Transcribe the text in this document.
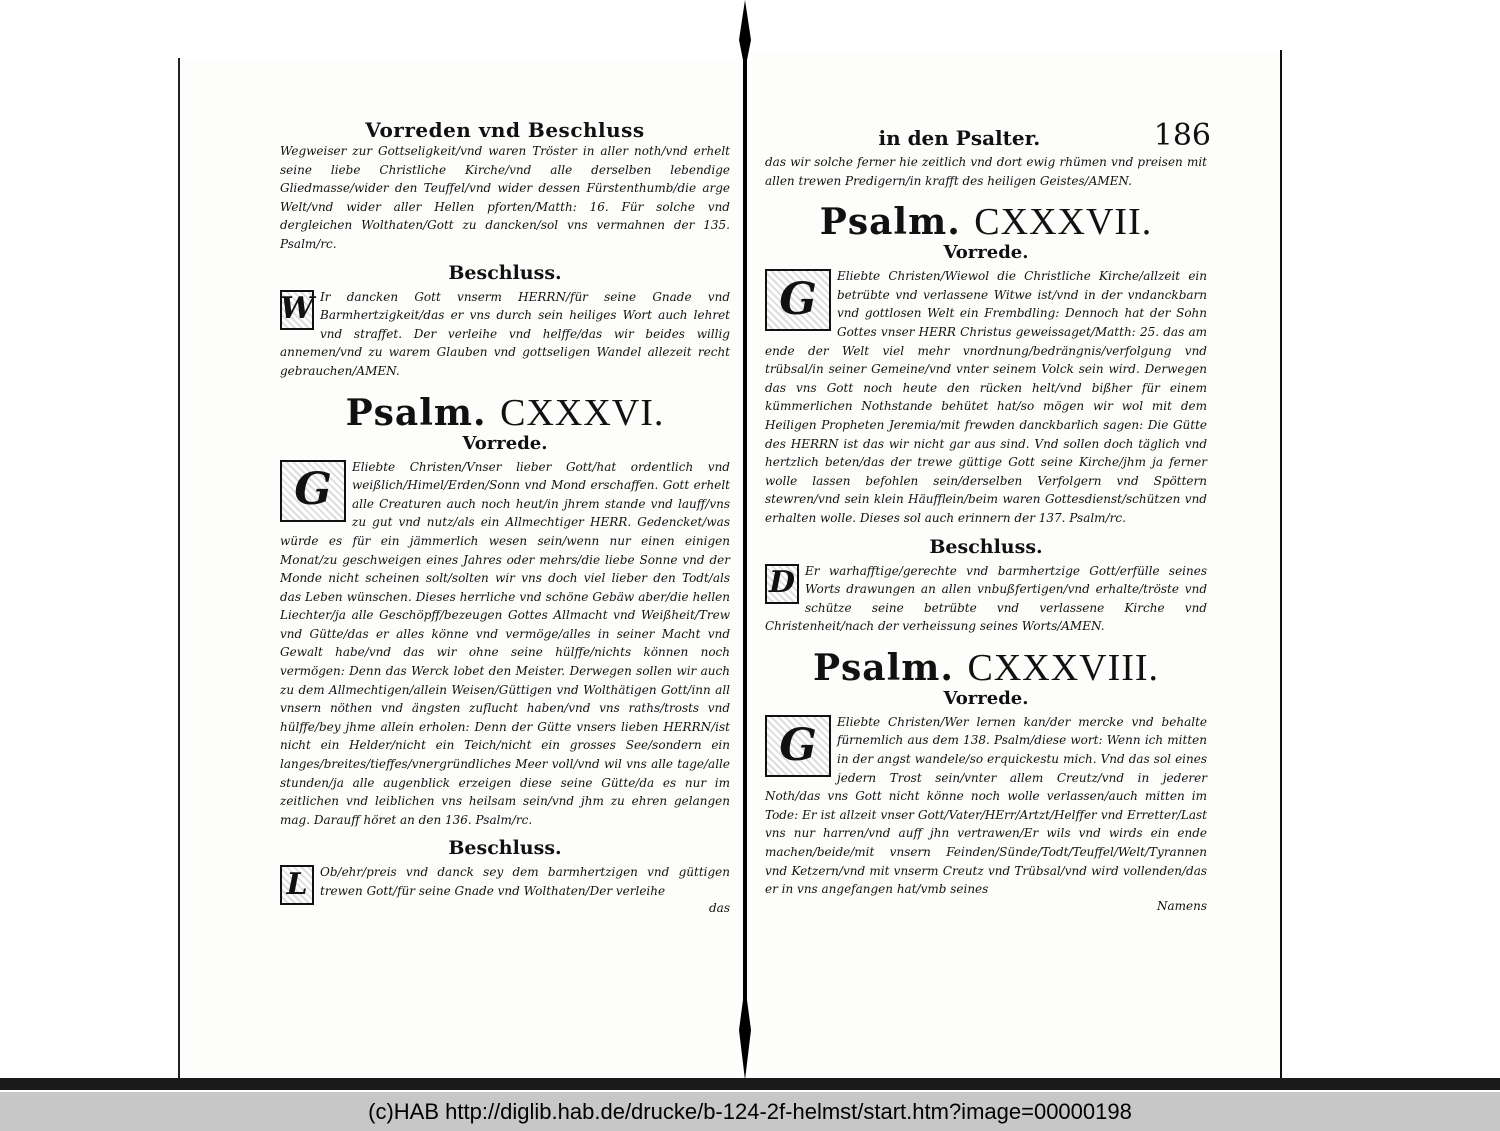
Vorreden vnd Beschluss
Wegweiser zur Gottseligkeit/vnd waren Tröster in aller noth/vnd erhelt seine liebe Christliche Kirche/vnd alle derselben lebendige Gliedmasse/wider den Teuffel/vnd wider dessen Fürstenthumb/die arge Welt/vnd wider aller Hellen pforten/Matth: 16. Für solche vnd dergleichen Wolthaten/Gott zu dancken/sol vns vermahnen der 135. Psalm/rc.
Beschluss.
W Ir dancken Gott vnserm HERRN/für seine Gnade vnd Barmhertzigkeit/das er vns durch sein heiliges Wort auch lehret vnd straffet. Der verleihe vnd helffe/das wir beides willig annemen/vnd zu warem Glauben vnd gottseligen Wandel allezeit recht gebrauchen/AMEN.
Psalm. CXXXVI.
Vorrede.
G	Eliebte Christen/Vnser lieber Gott/hat ordentlich vnd weißlich/Himel/Erden/Sonn vnd Mond erschaffen. Gott erhelt alle Creaturen auch noch heut/in jhrem stande vnd lauff/vns zu gut vnd nutz/als ein Allmechtiger HERR. Gedencket/was würde es für ein jämmerlich wesen sein/wenn nur einen einigen Monat/zu geschweigen eines Jahres oder mehrs/die liebe Sonne vnd der Monde nicht scheinen solt/solten wir vns doch viel lieber den Todt/als das Leben wünschen. Dieses herrliche vnd schöne Gebäw aber/die hellen Liechter/ja alle Geschöpff/bezeugen Gottes Allmacht vnd Weißheit/Trew vnd Gütte/das er alles könne vnd vermöge/alles in seiner Macht vnd Gewalt habe/vnd das wir ohne seine hülffe/nichts können noch vermögen: Denn das Werck lobet den Meister. Derwegen sollen wir auch zu dem Allmechtigen/allein Weisen/Güttigen vnd Wolthätigen Gott/inn all vnsern nöthen vnd ängsten zuflucht haben/vnd vns raths/trosts vnd hülffe/bey jhme allein erholen: Denn der Gütte vnsers lieben HERRN/ist nicht ein Helder/nicht ein Teich/nicht ein grosses See/sondern ein langes/breites/tieffes/vnergründliches Meer voll/vnd wil vns alle tage/alle stunden/ja alle augenblick erzeigen diese seine Gütte/da es nur im zeitlichen vnd leiblichen vns heilsam sein/vnd jhm zu ehren gelangen mag. Darauff höret an den 136. Psalm/rc.
Beschluss.
L	Ob/ehr/preis vnd danck sey dem barmhertzigen vnd güttigen trewen Gott/für seine Gnade vnd Wolthaten/Der verleihe
das
in den Psalter.	186
das wir solche ferner hie zeitlich vnd dort ewig rhümen vnd preisen mit allen trewen Predigern/in krafft des heiligen Geistes/AMEN.
Psalm. CXXXVII.
Vorrede.
G	Eliebte Christen/Wiewol die Christliche Kirche/allzeit ein betrübte vnd verlassene Witwe ist/vnd in der vndanckbarn vnd gottlosen Welt ein Frembdling: Dennoch hat der Sohn Gottes vnser HERR Christus geweissaget/Matth: 25. das am ende der Welt viel mehr vnordnung/bedrängnis/verfolgung vnd trübsal/in seiner Gemeine/vnd vnter seinem Volck sein wird. Derwegen das vns Gott noch heute den rücken helt/vnd bißher für einem kümmerlichen Nothstande behütet hat/so mögen wir wol mit dem Heiligen Propheten Jeremia/mit frewden danckbarlich sagen: Die Gütte des HERRN ist das wir nicht gar aus sind. Vnd sollen doch täglich vnd hertzlich beten/das der trewe güttige Gott seine Kirche/jhm ja ferner wolle lassen befohlen sein/derselben Verfolgern vnd Spöttern stewren/vnd sein klein Häufflein/beim waren Gottesdienst/schützen vnd erhalten wolle. Dieses sol auch erinnern der 137. Psalm/rc.
Beschluss.
D Er warhafftige/gerechte vnd barmhertzige Gott/erfülle seines Worts drawungen an allen vnbußfertigen/vnd erhalte/tröste vnd schütze seine betrübte vnd verlassene Kirche vnd Christenheit/nach der verheissung seines Worts/AMEN.
Psalm. CXXXVIII.
Vorrede.
G	Eliebte Christen/Wer lernen kan/der mercke vnd behalte fürnemlich aus dem 138. Psalm/diese wort: Wenn ich mitten in der angst wandele/so erquickestu mich. Vnd das sol eines jedern Trost sein/vnter allem Creutz/vnd in jederer Noth/das vns Gott nicht könne noch wolle verlassen/auch mitten im Tode: Er ist allzeit vnser Gott/Vater/HErr/Artzt/Helffer vnd Erretter/Last vns nur harren/vnd auff jhn vertrawen/Er wils vnd wirds ein ende machen/beide/mit vnsern Feinden/Sünde/Todt/Teuffel/Welt/Tyrannen vnd Ketzern/vnd mit vnserm Creutz vnd Trübsal/vnd wird vollenden/das er in vns angefangen hat/vmb seines
Namens
(c)HAB http://diglib.hab.de/drucke/b-124-2f-helmst/start.htm?image=00000198
